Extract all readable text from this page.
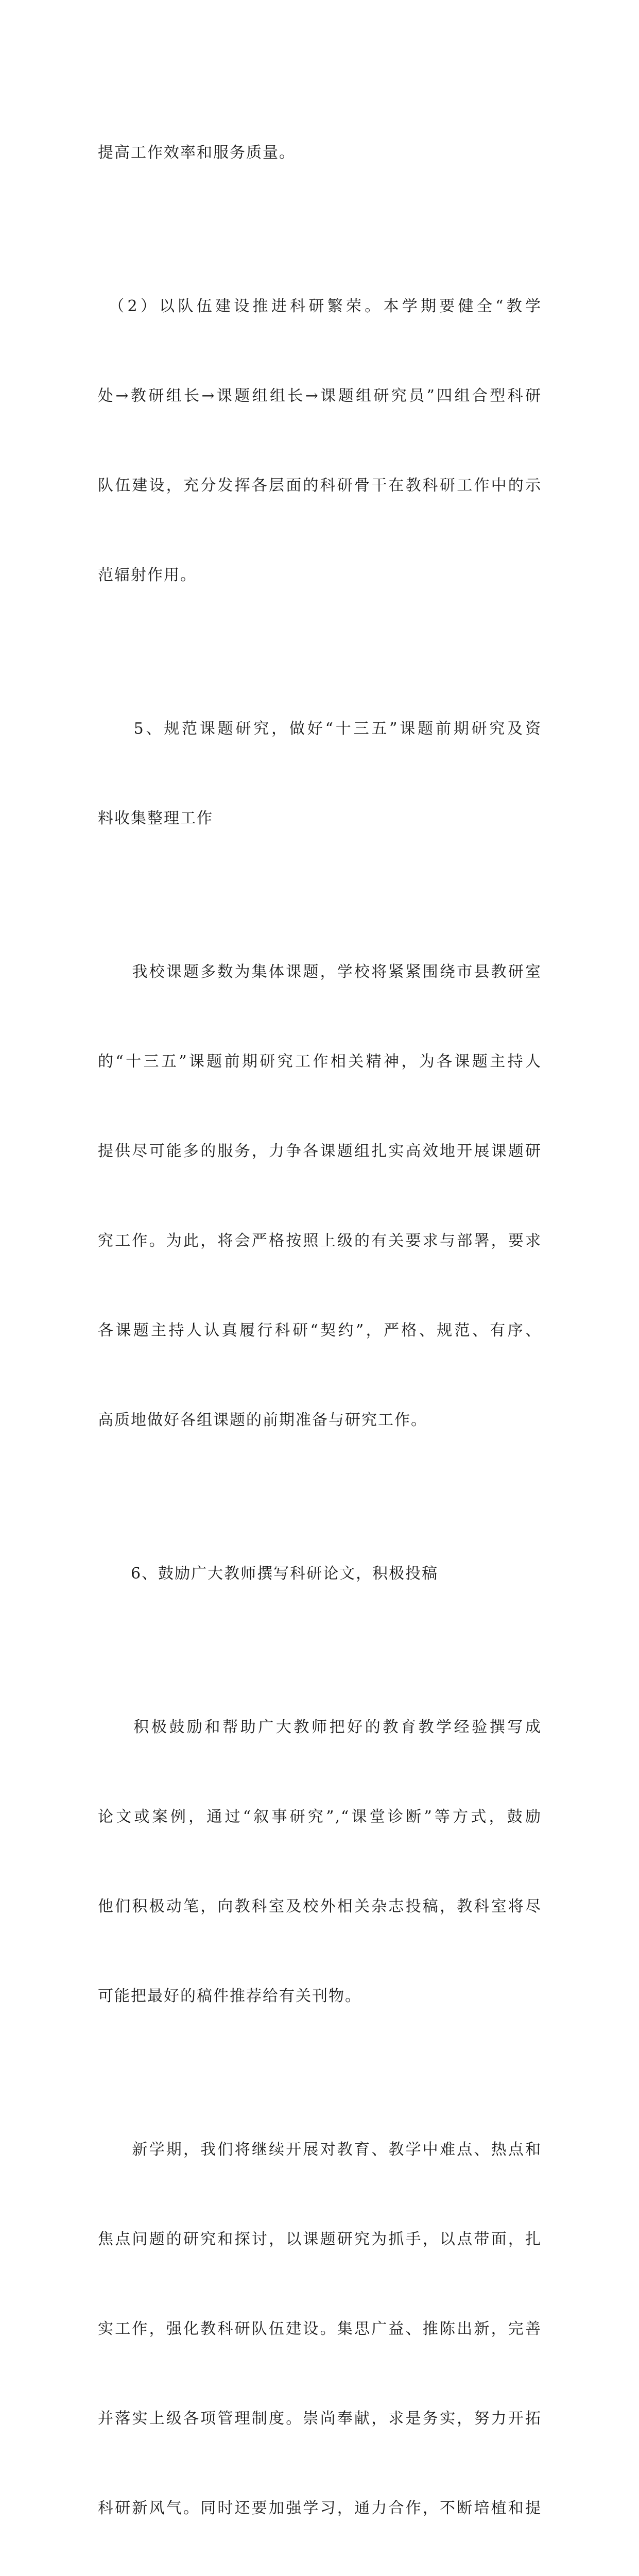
提高工作效率和服务质量。

　（2）以队伍建设推进科研繁荣。本学期要健全“教学

处→教研组长→课题组组长→课题组研究员”四组合型科研

队伍建设，充分发挥各层面的科研骨干在教科研工作中的示

范辐射作用。

　　5、规范课题研究，做好“十三五”课题前期研究及资

料收集整理工作

　　我校课题多数为集体课题，学校将紧紧围绕市县教研室

的“十三五”课题前期研究工作相关精神，为各课题主持人

提供尽可能多的服务，力争各课题组扎实高效地开展课题研

究工作。为此，将会严格按照上级的有关要求与部署，要求

各课题主持人认真履行科研“契约”，严格、规范、有序、

高质地做好各组课题的前期准备与研究工作。

　　6、鼓励广大教师撰写科研论文，积极投稿

　　积极鼓励和帮助广大教师把好的教育教学经验撰写成

论文或案例，通过“叙事研究”,“课堂诊断”等方式，鼓励

他们积极动笔，向教科室及校外相关杂志投稿，教科室将尽

可能把最好的稿件推荐给有关刊物。

　　新学期，我们将继续开展对教育、教学中难点、热点和

焦点问题的研究和探讨，以课题研究为抓手，以点带面，扎

实工作，强化教科研队伍建设。集思广益、推陈出新，完善

并落实上级各项管理制度。崇尚奉献，求是务实，努力开拓

科研新风气。同时还要加强学习，通力合作，不断培植和提
